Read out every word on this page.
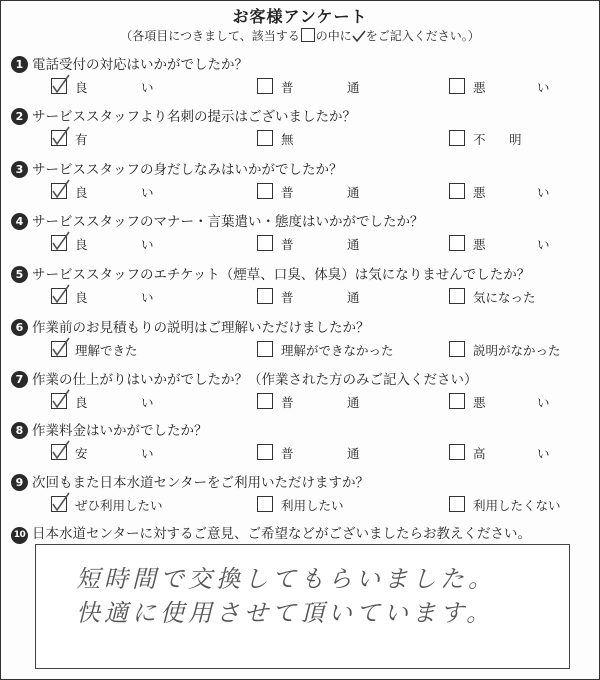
お客様アンケート
（各項目につきまして、該当する の中に をご記入ください。）
1 電話受付の対応はいかがでしたか？
良	い	普	通	悪	い
2 サービススタッフより名刺の提示はございましたか？
有	無	不 明
3 サービススタッフの身だしなみはいかがでしたか？
良	い	普	通	悪	い
4 サービススタッフのマナー・言葉遣い・態度はいかがでしたか？
良	い	普	通	悪	い
5 サービススタッフのエチケット（煙草、口臭、体臭）は気になりませんでしたか？
良	い	普	通	気になった
6 作業前のお見積もりの説明はご理解いただけましたか？
理解できた	理解ができなかった	説明がなかった
7 作業の仕上がりはいかがでしたか？（作業された方のみご記入ください）
良	い	普	通	悪	い
8 作業料金はいかがでしたか？
安	い	普	通	高	い
9 次回もまた日本水道センターをご利用いただけますか？
ぜひ利用したい	利用したい	利用したくない
10 日本水道センターに対するご意見、ご希望などがございましたらお教えください。
短時間で交換してもらいました。
快適に使用させて頂いています。
